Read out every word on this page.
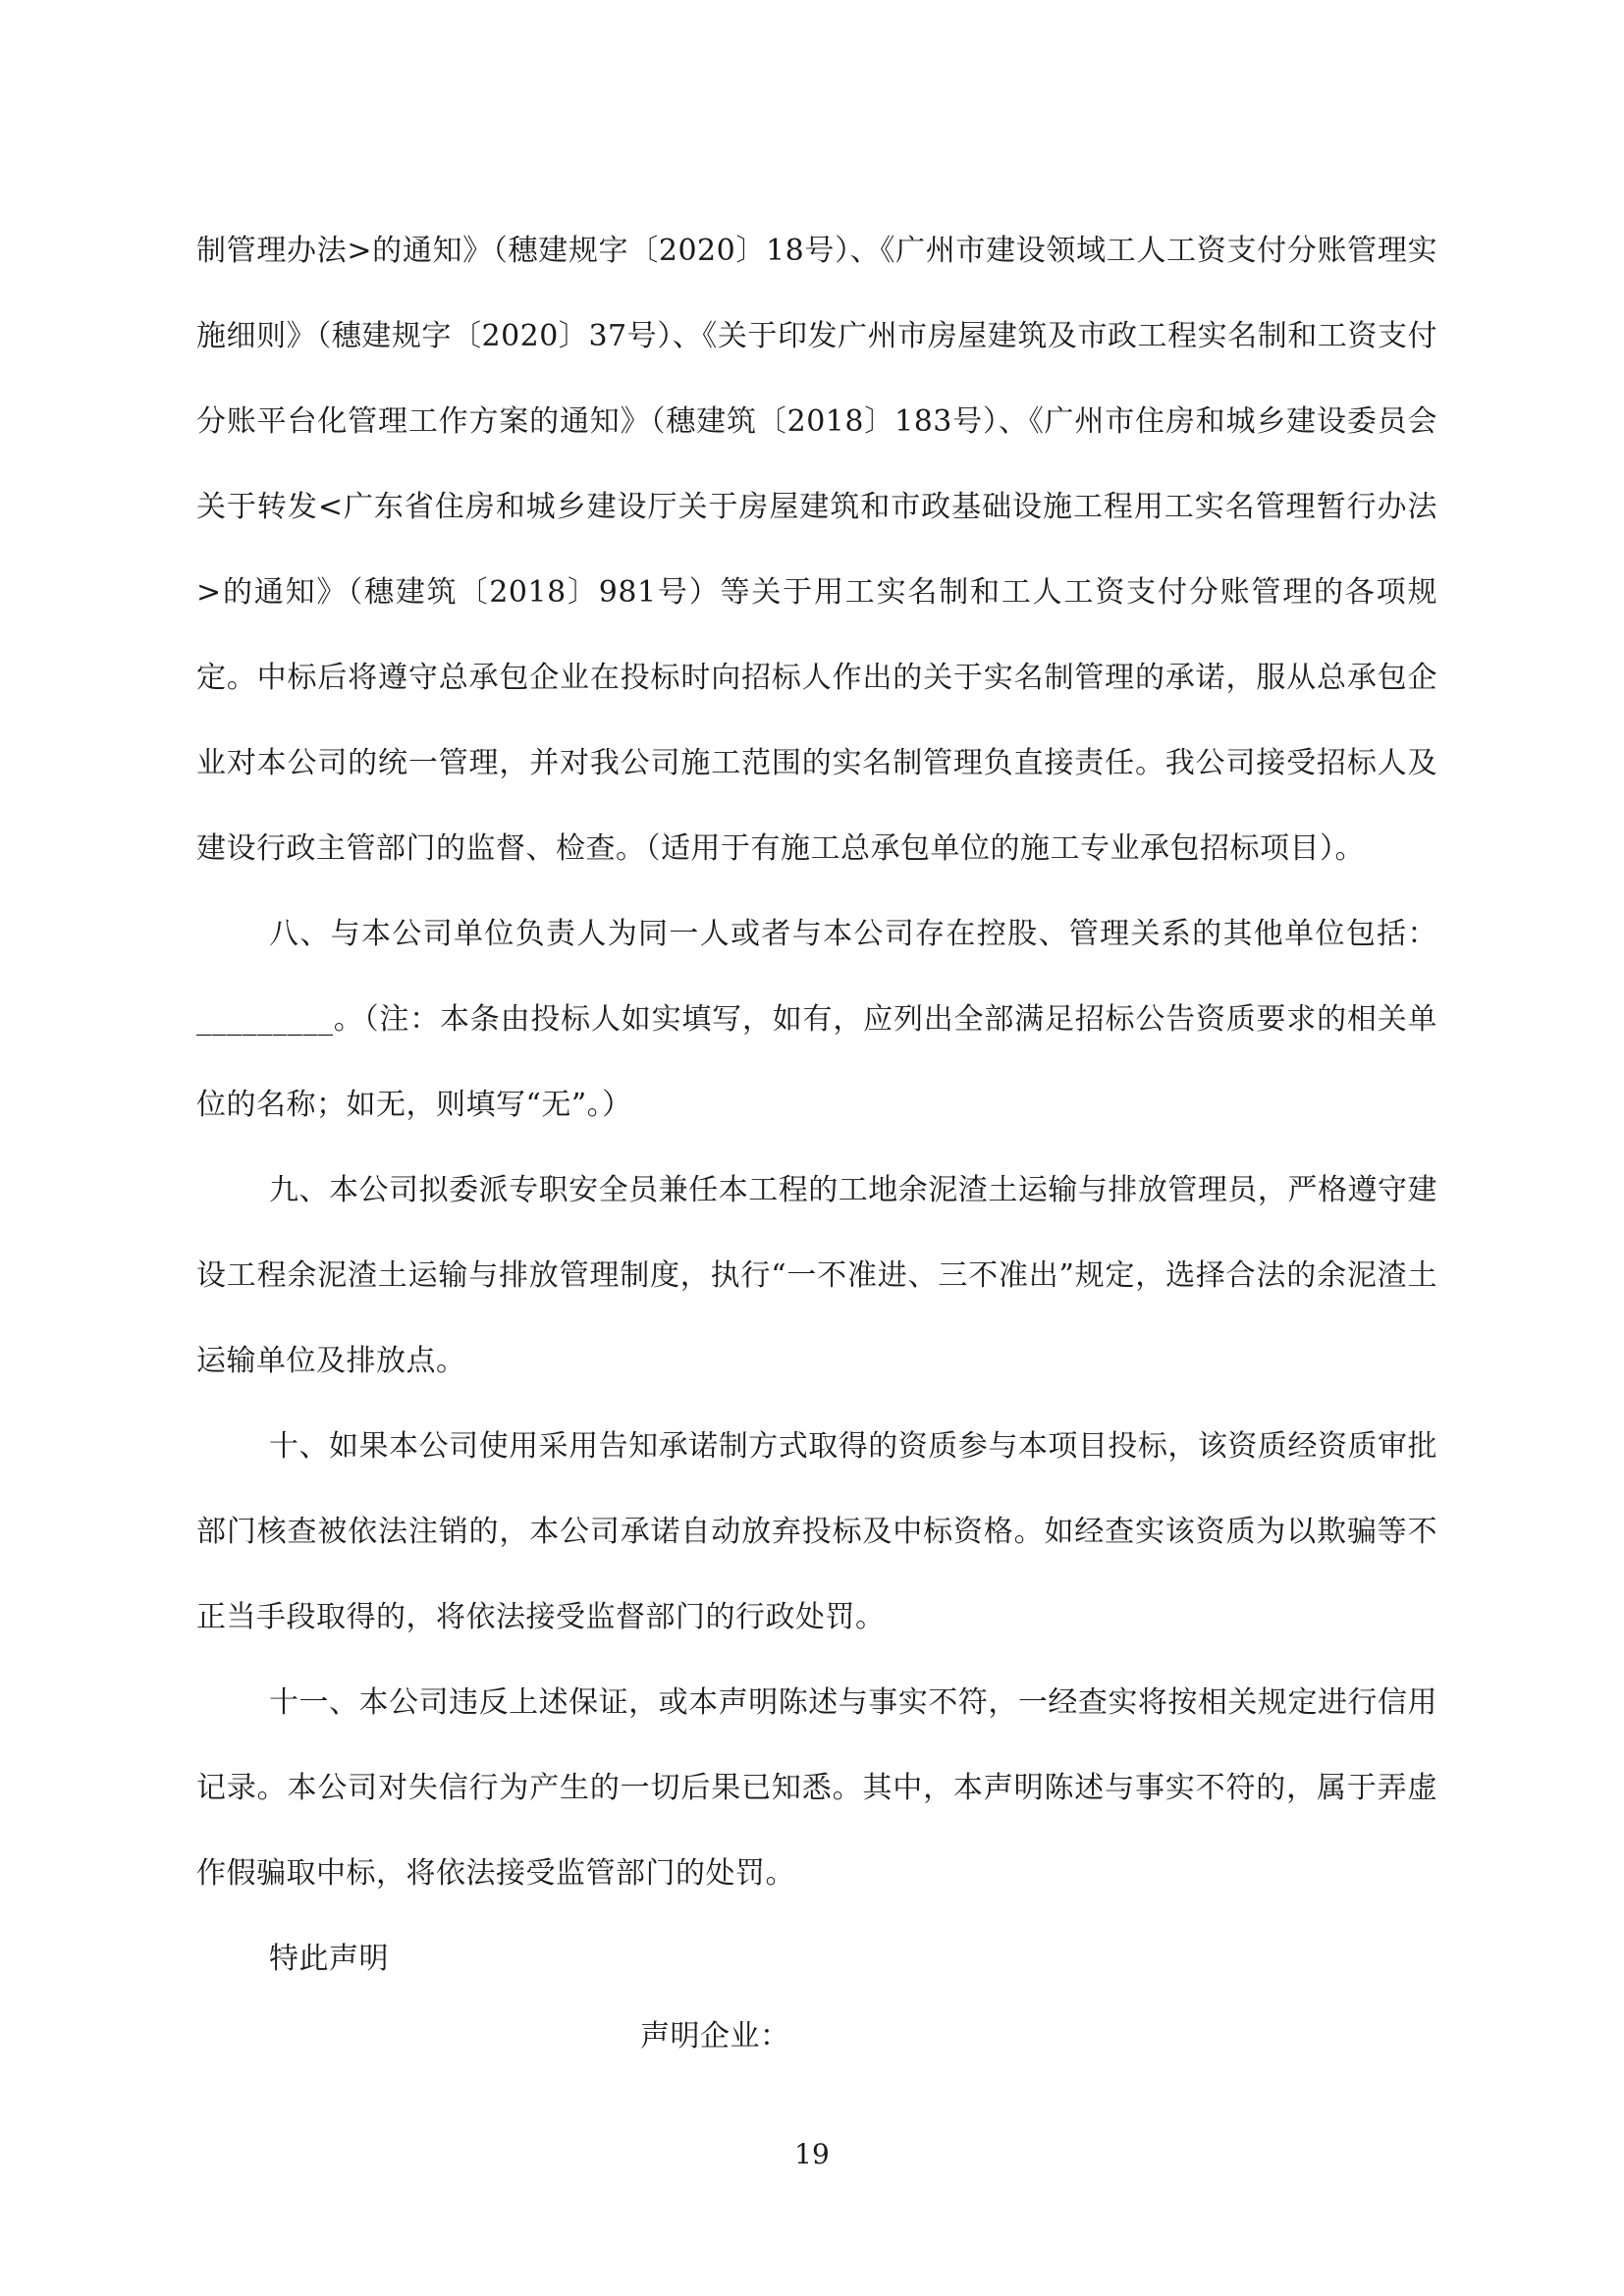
制管理办法>的通知》（穗建规字〔2020〕18号）、《广州市建设领域工人工资支付分账管理实施细则》（穗建规字〔2020〕37号）、《关于印发广州市房屋建筑及市政工程实名制和工资支付分账平台化管理工作方案的通知》（穗建筑〔2018〕183号）、《广州市住房和城乡建设委员会关于转发<广东省住房和城乡建设厅关于房屋建筑和市政基础设施工程用工实名管理暂行办法>的通知》（穗建筑〔2018〕981号）等关于用工实名制和工人工资支付分账管理的各项规定。中标后将遵守总承包企业在投标时向招标人作出的关于实名制管理的承诺，服从总承包企业对本公司的统一管理，并对我公司施工范围的实名制管理负直接责任。我公司接受招标人及建设行政主管部门的监督、检查。（适用于有施工总承包单位的施工专业承包招标项目）。

八、与本公司单位负责人为同一人或者与本公司存在控股、管理关系的其他单位包括：_________。（注：本条由投标人如实填写，如有，应列出全部满足招标公告资质要求的相关单位的名称；如无，则填写“无”。）

九、本公司拟委派专职安全员兼任本工程的工地余泥渣土运输与排放管理员，严格遵守建设工程余泥渣土运输与排放管理制度，执行“一不准进、三不准出”规定，选择合法的余泥渣土运输单位及排放点。

十、如果本公司使用采用告知承诺制方式取得的资质参与本项目投标，该资质经资质审批部门核查被依法注销的，本公司承诺自动放弃投标及中标资格。如经查实该资质为以欺骗等不正当手段取得的，将依法接受监督部门的行政处罚。

十一、本公司违反上述保证，或本声明陈述与事实不符，一经查实将按相关规定进行信用记录。本公司对失信行为产生的一切后果已知悉。其中，本声明陈述与事实不符的，属于弄虚作假骗取中标，将依法接受监管部门的处罚。

特此声明

声明企业：
19
